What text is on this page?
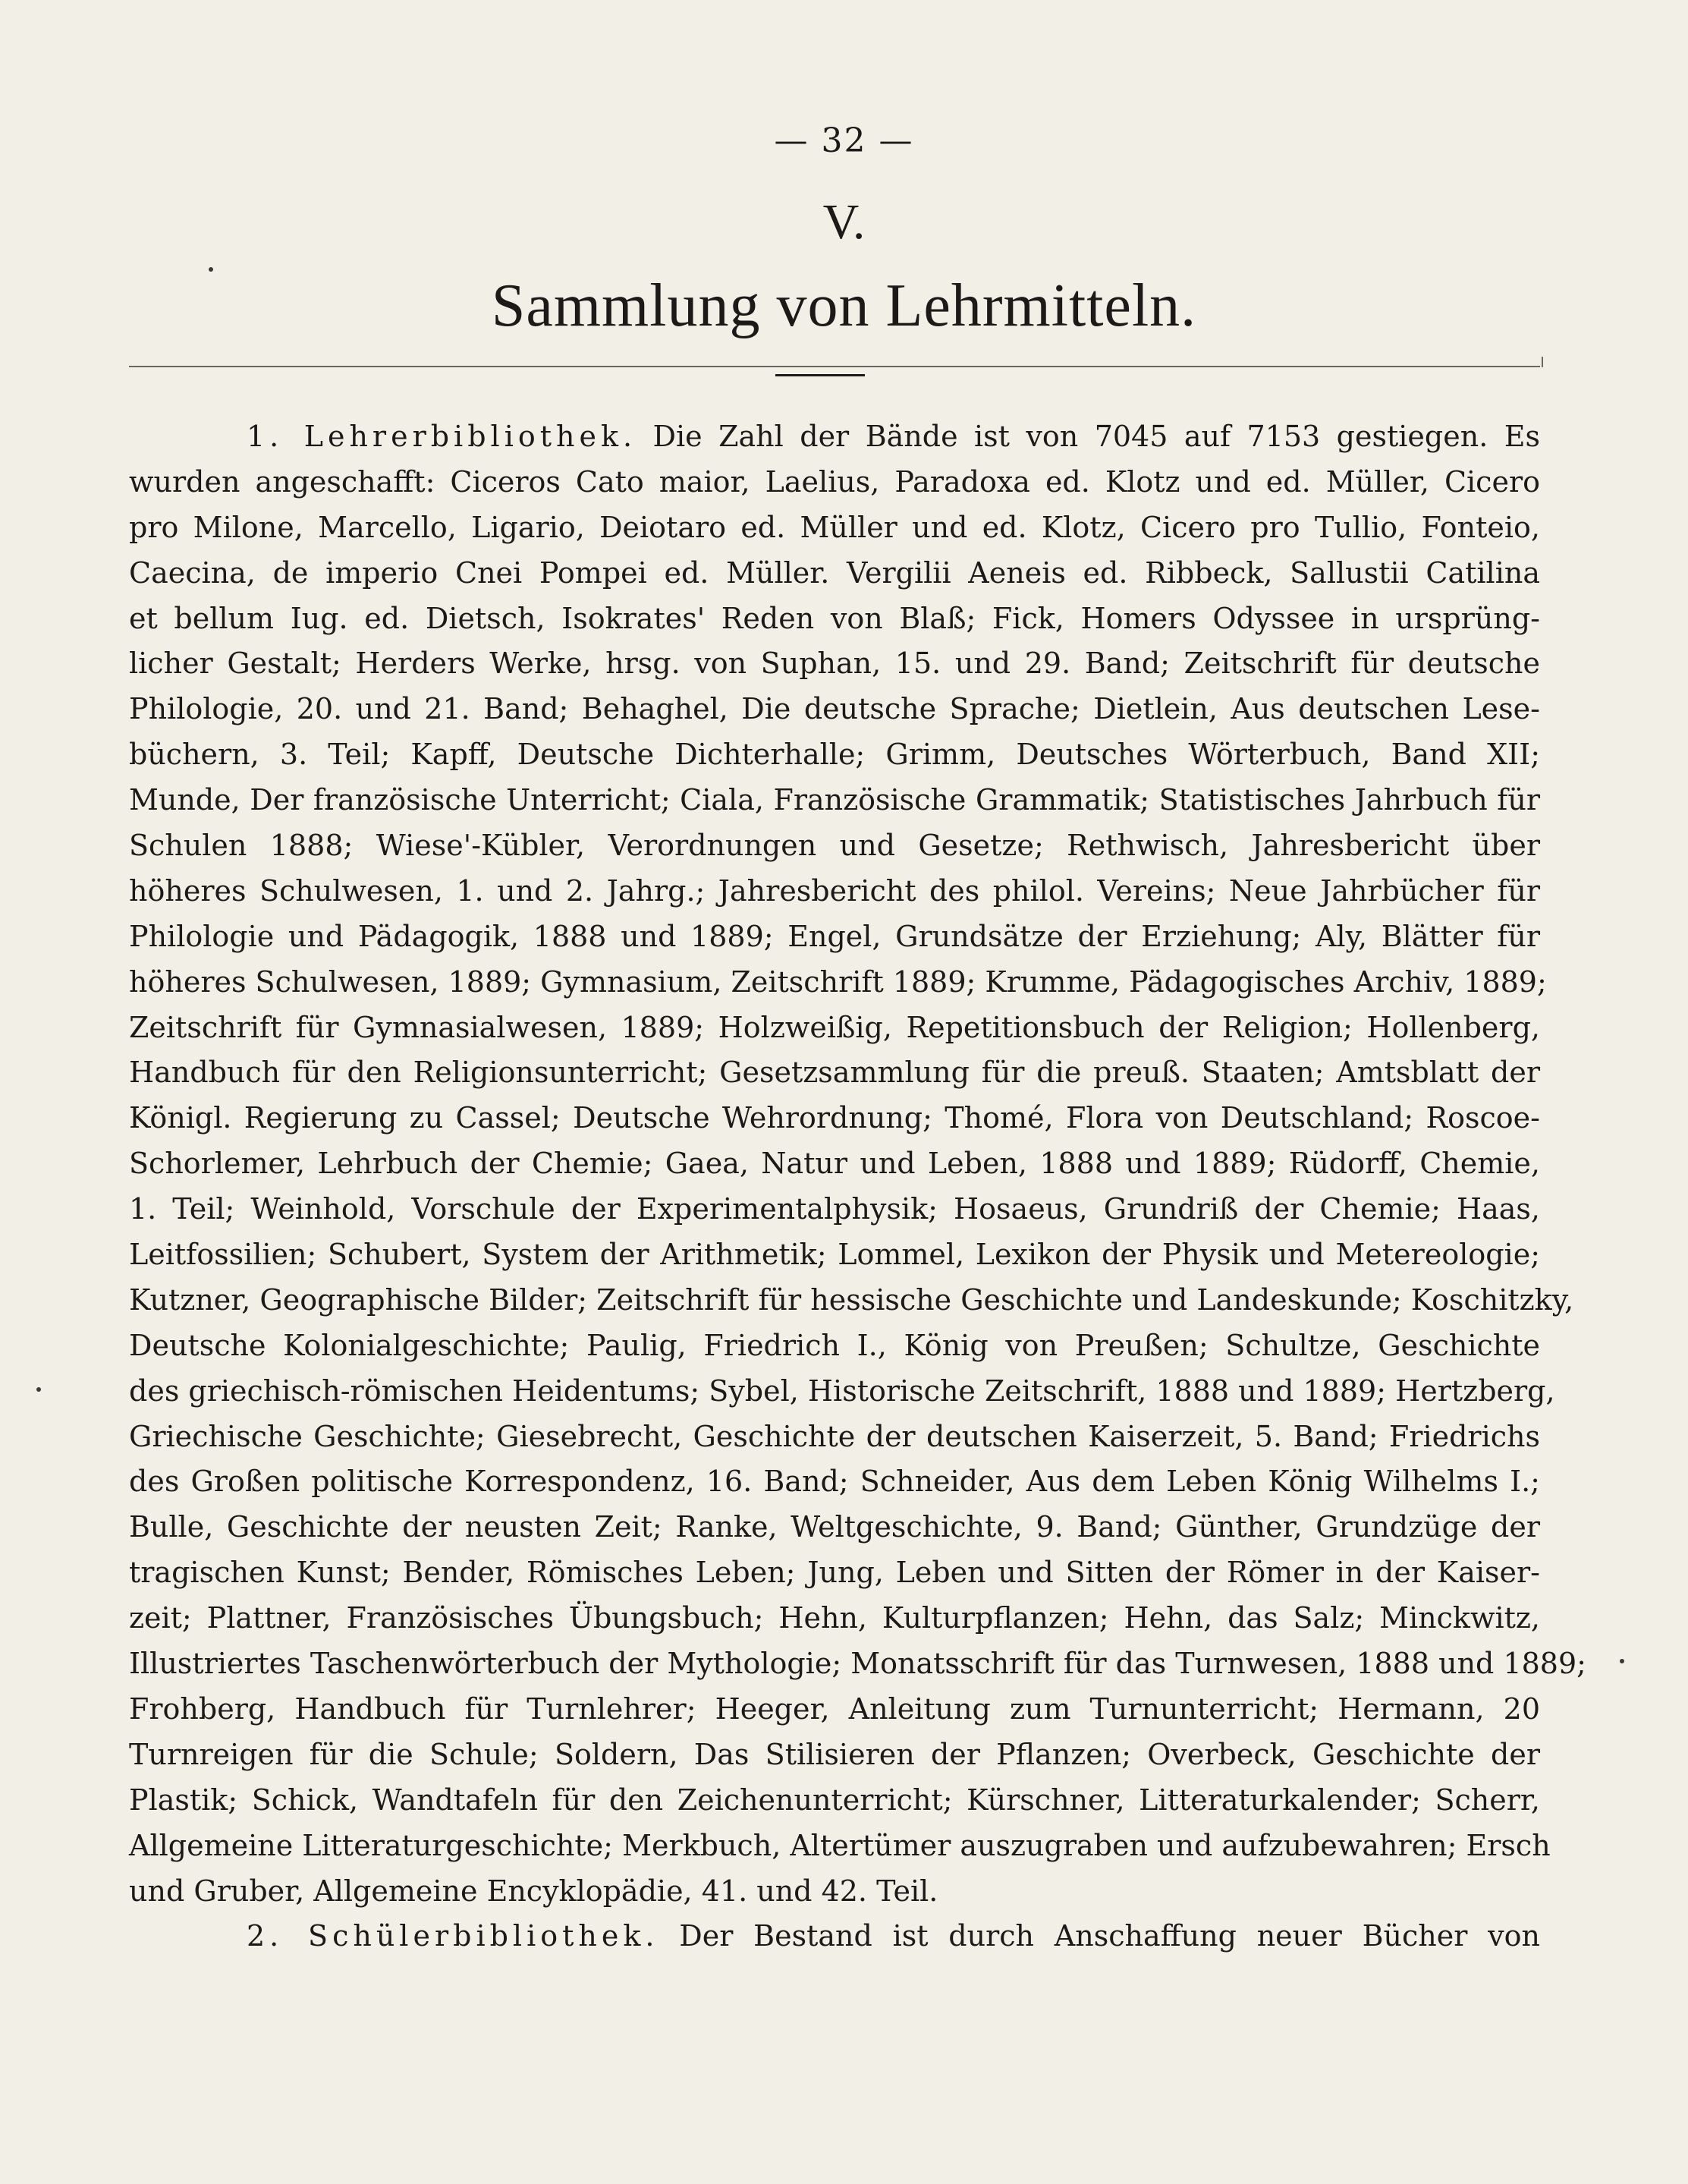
— 32 —
V.
Sammlung von Lehrmitteln.
1. Lehrerbibliothek. Die Zahl der Bände ist von 7045 auf 7153 gestiegen. Es
wurden angeschafft: Ciceros Cato maior, Laelius, Paradoxa ed. Klotz und ed. Müller, Cicero
pro Milone, Marcello, Ligario, Deiotaro ed. Müller und ed. Klotz, Cicero pro Tullio, Fonteio,
Caecina, de imperio Cnei Pompei ed. Müller. Vergilii Aeneis ed. Ribbeck, Sallustii Catilina
et bellum Iug. ed. Dietsch, Isokrates' Reden von Blaß; Fick, Homers Odyssee in ursprüng-
licher Gestalt; Herders Werke, hrsg. von Suphan, 15. und 29. Band; Zeitschrift für deutsche
Philologie, 20. und 21. Band; Behaghel, Die deutsche Sprache; Dietlein, Aus deutschen Lese-
büchern, 3. Teil; Kapff, Deutsche Dichterhalle; Grimm, Deutsches Wörterbuch, Band XII;
Munde, Der französische Unterricht; Ciala, Französische Grammatik; Statistisches Jahrbuch für
Schulen 1888; Wiese'-Kübler, Verordnungen und Gesetze; Rethwisch, Jahresbericht über
höheres Schulwesen, 1. und 2. Jahrg.; Jahresbericht des philol. Vereins; Neue Jahrbücher für
Philologie und Pädagogik, 1888 und 1889; Engel, Grundsätze der Erziehung; Aly, Blätter für
höheres Schulwesen, 1889; Gymnasium, Zeitschrift 1889; Krumme, Pädagogisches Archiv, 1889;
Zeitschrift für Gymnasialwesen, 1889; Holzweißig, Repetitionsbuch der Religion; Hollenberg,
Handbuch für den Religionsunterricht; Gesetzsammlung für die preuß. Staaten; Amtsblatt der
Königl. Regierung zu Cassel; Deutsche Wehrordnung; Thomé, Flora von Deutschland; Roscoe-
Schorlemer, Lehrbuch der Chemie; Gaea, Natur und Leben, 1888 und 1889; Rüdorff, Chemie,
1. Teil; Weinhold, Vorschule der Experimentalphysik; Hosaeus, Grundriß der Chemie; Haas,
Leitfossilien; Schubert, System der Arithmetik; Lommel, Lexikon der Physik und Metereologie;
Kutzner, Geographische Bilder; Zeitschrift für hessische Geschichte und Landeskunde; Koschitzky,
Deutsche Kolonialgeschichte; Paulig, Friedrich I., König von Preußen; Schultze, Geschichte
des griechisch-römischen Heidentums; Sybel, Historische Zeitschrift, 1888 und 1889; Hertzberg,
Griechische Geschichte; Giesebrecht, Geschichte der deutschen Kaiserzeit, 5. Band; Friedrichs
des Großen politische Korrespondenz, 16. Band; Schneider, Aus dem Leben König Wilhelms I.;
Bulle, Geschichte der neusten Zeit; Ranke, Weltgeschichte, 9. Band; Günther, Grundzüge der
tragischen Kunst; Bender, Römisches Leben; Jung, Leben und Sitten der Römer in der Kaiser-
zeit; Plattner, Französisches Übungsbuch; Hehn, Kulturpflanzen; Hehn, das Salz; Minckwitz,
Illustriertes Taschenwörterbuch der Mythologie; Monatsschrift für das Turnwesen, 1888 und 1889;
Frohberg, Handbuch für Turnlehrer; Heeger, Anleitung zum Turnunterricht; Hermann, 20
Turnreigen für die Schule; Soldern, Das Stilisieren der Pflanzen; Overbeck, Geschichte der
Plastik; Schick, Wandtafeln für den Zeichenunterricht; Kürschner, Litteraturkalender; Scherr,
Allgemeine Litteraturgeschichte; Merkbuch, Altertümer auszugraben und aufzubewahren; Ersch
und Gruber, Allgemeine Encyklopädie, 41. und 42. Teil.
2. Schülerbibliothek. Der Bestand ist durch Anschaffung neuer Bücher von
